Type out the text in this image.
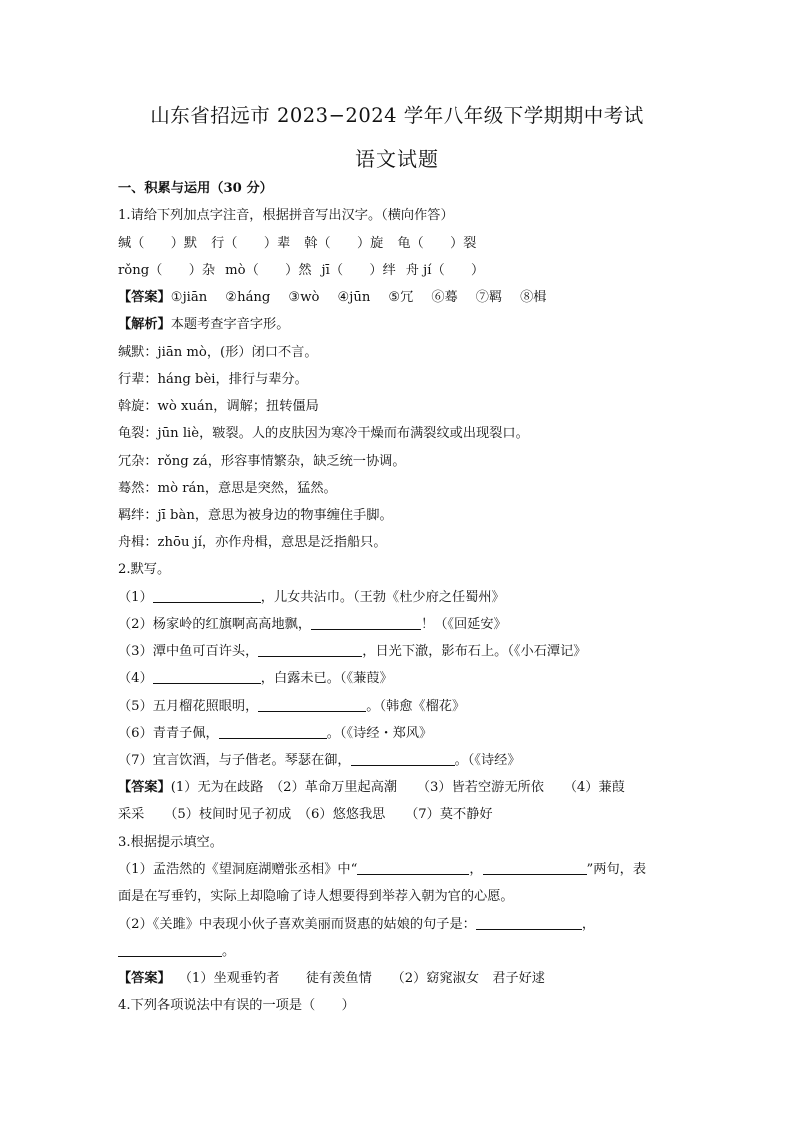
山东省招远市 2023−2024 学年八年级下学期期中考试
语文试题
一、积累与运用（30 分）
1.请给下列加点字注音，根据拼音写出汉字。（横向作答）
缄（　　）默 行（　　）辈 斡（　　）旋 龟（　　）裂
rǒng（　　）杂 mò（　　）然 jī（　　）绊 舟 jí（　　）
【答案】①jiān ②háng ③wò ④jūn ⑤冗 ⑥蓦 ⑦羁 ⑧楫
【解析】本题考查字音字形。
缄默：jiān mò，(形）闭口不言。
行辈：háng bèi，排行与辈分。
斡旋：wò xuán，调解；扭转僵局
龟裂：jūn liè，皲裂。人的皮肤因为寒冷干燥而布满裂纹或出现裂口。
冗杂：rǒng zá，形容事情繁杂，缺乏统一协调。
蓦然：mò rán，意思是突然，猛然。
羁绊：jī bàn，意思为被身边的物事缠住手脚。
舟楫：zhōu jí，亦作舟楫，意思是泛指船只。
2.默写。
（1）	，儿女共沾巾。（王勃《杜少府之任蜀州》
（2）杨家岭的红旗啊高高地飘，	！（《回延安》
（3）潭中鱼可百许头，	，日光下澈，影布石上。（《小石潭记》
（4）	，白露未已。（《蒹葭》
（5）五月榴花照眼明，	。（韩愈《榴花》
（6）青青子佩，	。（《诗经・郑风》
（7）宜言饮酒，与子偕老。琴瑟在御，	。（《诗经》
【答案】(1）无为在歧路　（2）革命万里起高潮　　（3）皆若空游无所依　　（4）蒹葭
采采　　（5）枝间时见子初成　（6）悠悠我思　　（7）莫不静好
3.根据提示填空。
（1）孟浩然的《望洞庭湖赠张丞相》中“	，	”两句，表
面是在写垂钓，实际上却隐喻了诗人想要得到举荐入朝为官的心愿。
（2）《关雎》中表现小伙子喜欢美丽而贤惠的姑娘的句子是：	，
。
【答案】 （1）坐观垂钓者　　徒有羡鱼情　　（2）窈窕淑女　君子好逑
4.下列各项说法中有误的一项是（　　）
